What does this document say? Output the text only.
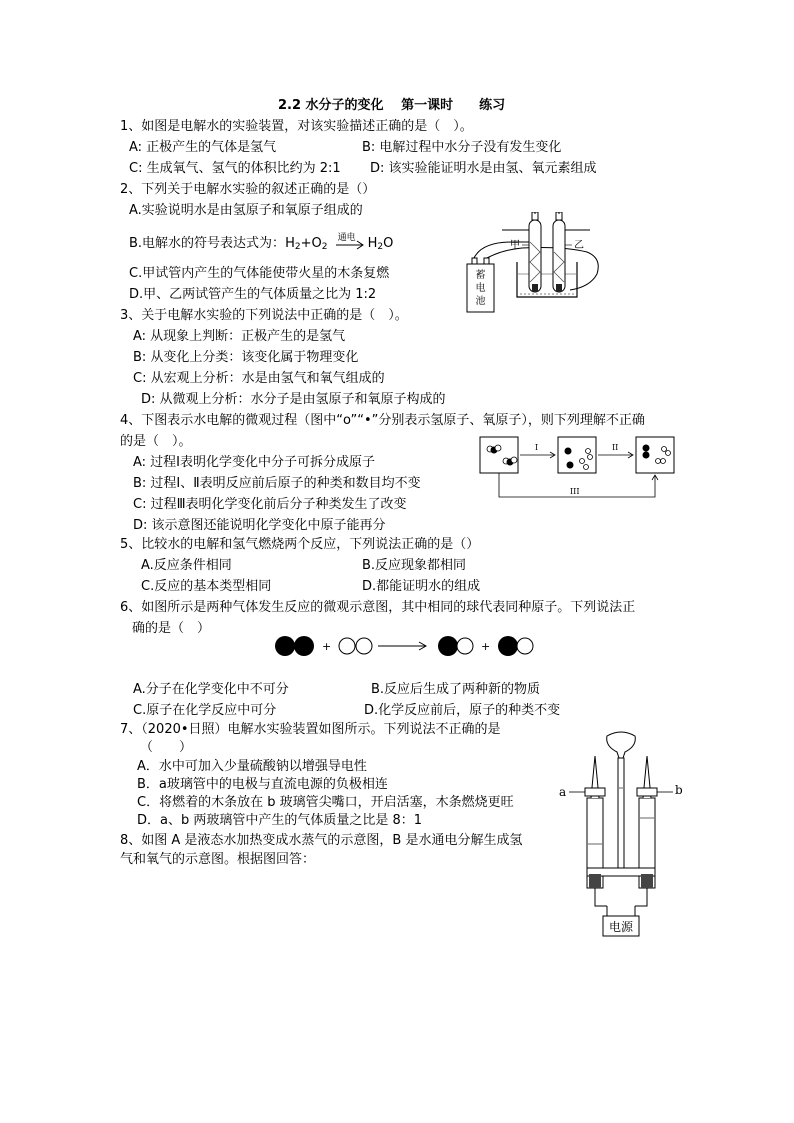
2.2 水分子的变化　 第一课时　　练习
1、如图是电解水的实验装置，对该实验描述正确的是（　）。
A: 正极产生的气体是氢气	B: 电解过程中水分子没有发生变化
C: 生成氧气、氢气的体积比约为 2:1 D: 该实验能证明水是由氢、氧元素组成
2、下列关于电解水实验的叙述正确的是（）
A.实验说明水是由氢原子和氧原子组成的
B.电解水的符号表达式为：$H_2+O_2$
通电 $H_2O$
C.甲试管内产生的气体能使带火星的木条复燃
D.甲、乙两试管产生的气体质量之比为 1:2
蓄
电
池
甲	乙
3、关于电解水实验的下列说法中正确的是（　）。
A: 从现象上判断：正极产生的是氢气
B: 从变化上分类：该变化属于物理变化
C: 从宏观上分析：水是由氢气和氧气组成的
D: 从微观上分析：水分子是由氢原子和氧原子构成的
4、下图表示水电解的微观过程（图中“o”“•”分别表示氢原子、氧原子），则下列理解不正确
的是（　）。
A: 过程Ⅰ表明化学变化中分子可拆分成原子
B: 过程Ⅰ、Ⅱ表明反应前后原子的种类和数目均不变
C: 过程Ⅲ表明化学变化前后分子种类发生了改变
D: 该示意图还能说明化学变化中原子能再分
I	II
III
5、比较水的电解和氢气燃烧两个反应，下列说法正确的是（）
A.反应条件相同	B.反应现象都相同
C.反应的基本类型相同	D.都能证明水的组成
6、如图所示是两种气体发生反应的微观示意图，其中相同的球代表同种原子。下列说法正
确的是（　）
+	+
A.分子在化学变化中不可分	B.反应后生成了两种新的物质
C.原子在化学反应中可分	D.化学反应前后，原子的种类不变
7、（2020•日照）电解水实验装置如图所示。下列说法不正确的是
（　　）
A．水中可加入少量硫酸钠以增强导电性
B．a玻璃管中的电极与直流电源的负极相连
C．将燃着的木条放在 b 玻璃管尖嘴口，开启活塞，木条燃烧更旺
D．a、b 两玻璃管中产生的气体质量之比是 8：1
8、如图 A 是液态水加热变成水蒸气的示意图，B 是水通电分解生成氢
气和氧气的示意图。根据图回答：
电源
a	b
